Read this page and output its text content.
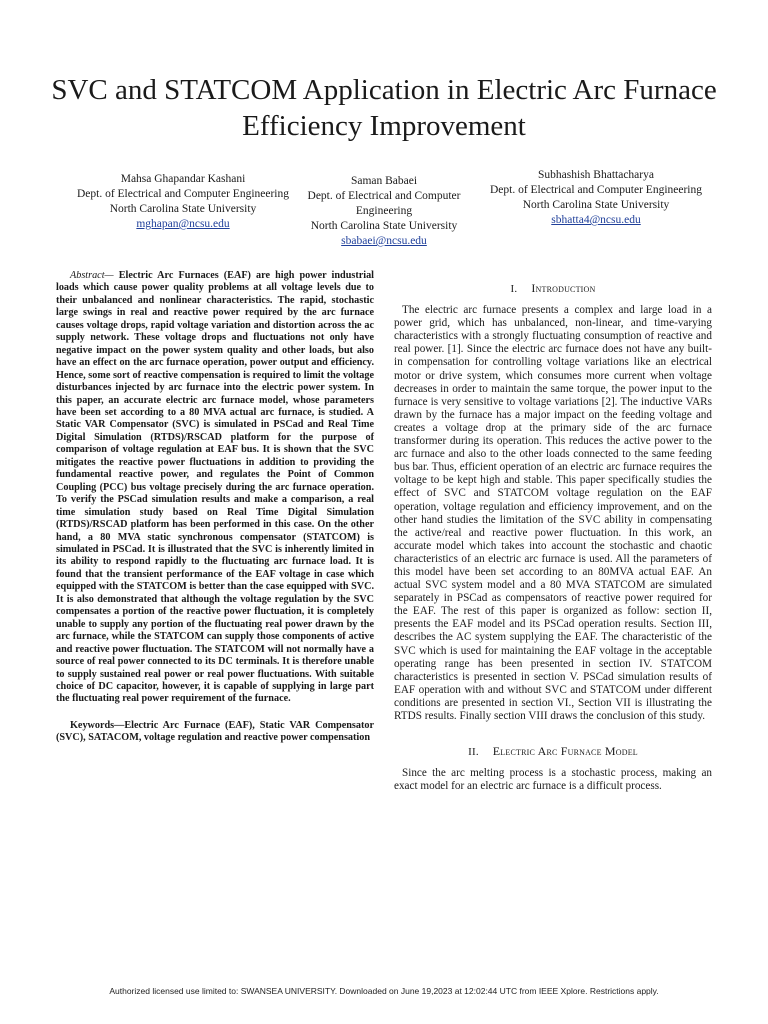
SVC and STATCOM Application in Electric Arc Furnace Efficiency Improvement
Mahsa Ghapandar Kashani
Dept. of Electrical and Computer Engineering
North Carolina State University
mghapan@ncsu.edu
Saman Babaei
Dept. of Electrical and Computer Engineering
North Carolina State University
sbabaei@ncsu.edu
Subhashish Bhattacharya
Dept. of Electrical and Computer Engineering
North Carolina State University
sbhatta4@ncsu.edu

Abstract— Electric Arc Furnaces (EAF) are high power industrial loads which cause power quality problems at all voltage levels due to their unbalanced and nonlinear characteristics. The rapid, stochastic large swings in real and reactive power required by the arc furnace causes voltage drops, rapid voltage variation and distortion across the ac supply network. These voltage drops and fluctuations not only have negative impact on the power system quality and other loads, but also have an effect on the arc furnace operation, power output and efficiency. Hence, some sort of reactive compensation is required to limit the voltage disturbances injected by arc furnace into the electric power system. In this paper, an accurate electric arc furnace model, whose parameters have been set according to a 80 MVA actual arc furnace, is studied. A Static VAR Compensator (SVC) is simulated in PSCad and Real Time Digital Simulation (RTDS)/RSCAD platform for the purpose of comparison of voltage regulation at EAF bus. It is shown that the SVC mitigates the reactive power fluctuations in addition to providing the fundamental reactive power, and regulates the Point of Common Coupling (PCC) bus voltage precisely during the arc furnace operation. To verify the PSCad simulation results and make a comparison, a real time simulation study based on Real Time Digital Simulation (RTDS)/RSCAD platform has been performed in this case. On the other hand, a 80 MVA static synchronous compensator (STATCOM) is simulated in PSCad. It is illustrated that the SVC is inherently limited in its ability to respond rapidly to the fluctuating arc furnace load. It is found that the transient performance of the EAF voltage in case which equipped with the STATCOM is better than the case equipped with SVC. It is also demonstrated that although the voltage regulation by the SVC compensates a portion of the reactive power fluctuation, it is completely unable to supply any portion of the fluctuating real power drawn by the arc furnace, while the STATCOM can supply those components of active and reactive power fluctuation. The STATCOM will not normally have a source of real power connected to its DC terminals. It is therefore unable to supply sustained real power or real power fluctuations. With suitable choice of DC capacitor, however, it is capable of supplying in large part the fluctuating real power requirement of the furnace.

Keywords—Electric Arc Furnace (EAF), Static VAR Compensator (SVC), SATACOM, voltage regulation and reactive power compensation

I. Introduction

The electric arc furnace presents a complex and large load in a power grid, which has unbalanced, non-linear, and time-varying characteristics with a strongly fluctuating consumption of reactive and real power. [1]. Since the electric arc furnace does not have any built-in compensation for controlling voltage variations like an electrical motor or drive system, which consumes more current when voltage decreases in order to maintain the same torque, the power input to the furnace is very sensitive to voltage variations [2]. The inductive VARs drawn by the furnace has a major impact on the feeding voltage and creates a voltage drop at the primary side of the arc furnace transformer during its operation. This reduces the active power to the arc furnace and also to the other loads connected to the same feeding bus bar. Thus, efficient operation of an electric arc furnace requires the voltage to be kept high and stable. This paper specifically studies the effect of SVC and STATCOM voltage regulation on the EAF operation, voltage regulation and efficiency improvement, and on the other hand studies the limitation of the SVC ability in compensating the active/real and reactive power fluctuation. In this work, an accurate model which takes into account the stochastic and chaotic characteristics of an electric arc furnace is used. All the parameters of this model have been set according to an 80MVA actual EAF. An actual SVC system model and a 80 MVA STATCOM are simulated separately in PSCad as compensators of reactive power required for the EAF. The rest of this paper is organized as follow: section II, presents the EAF model and its PSCad operation results. Section III, describes the AC system supplying the EAF. The characteristic of the SVC which is used for maintaining the EAF voltage in the acceptable operating range has been presented in section IV. STATCOM characteristics is presented in section V. PSCad simulation results of EAF operation with and without SVC and STATCOM under different conditions are presented in section VI., Section VII is illustrating the RTDS results. Finally section VIII draws the conclusion of this study.

II. Electric Arc Furnace Model

Since the arc melting process is a stochastic process, making an exact model for an electric arc furnace is a difficult process.

Authorized licensed use limited to: SWANSEA UNIVERSITY. Downloaded on June 19,2023 at 12:02:44 UTC from IEEE Xplore. Restrictions apply.
